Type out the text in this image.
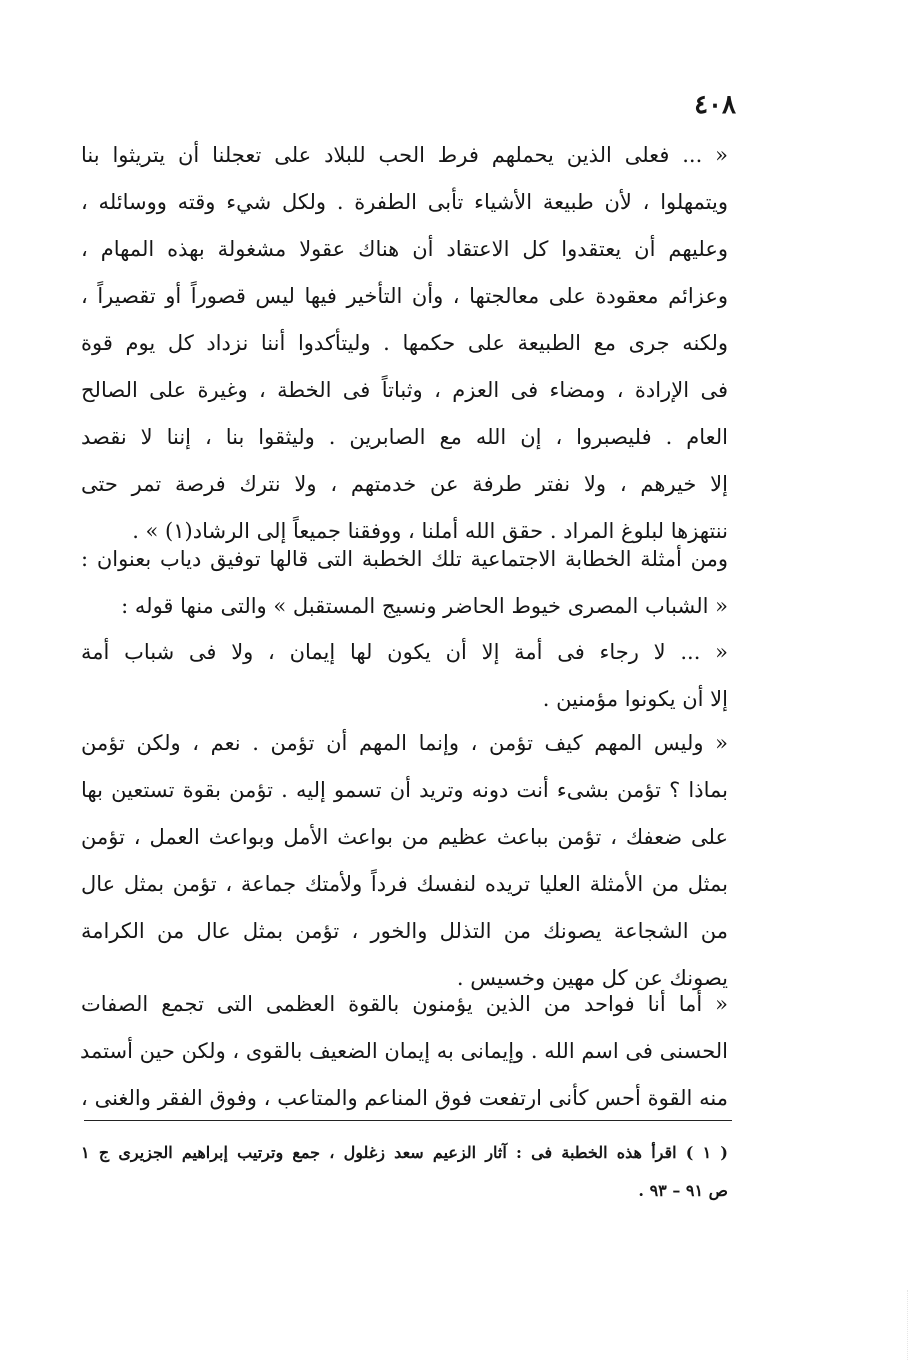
٤٠٨
« ... فعلى الذين يحملهم فرط الحب للبلاد على تعجلنا أن يتريثوا بنا
ويتمهلوا ، لأن طبيعة الأشياء تأبى الطفرة . ولكل شيء وقته ووسائله ،
وعليهم أن يعتقدوا كل الاعتقاد أن هناك عقولا مشغولة بهذه المهام ،
وعزائم معقودة على معالجتها ، وأن التأخير فيها ليس قصوراً أو تقصيراً ،
ولكنه جرى مع الطبيعة على حكمها . وليتأكدوا أننا نزداد كل يوم قوة
فى الإرادة ، ومضاء فى العزم ، وثباتاً فى الخطة ، وغيرة على الصالح
العام . فليصبروا ، إن الله مع الصابرين . وليثقوا بنا ، إننا لا نقصد
إلا خيرهم ، ولا نفتر طرفة عن خدمتهم ، ولا نترك فرصة تمر حتى
ننتهزها لبلوغ المراد . حقق الله أملنا ، ووفقنا جميعاً إلى الرشاد(١) » .
ومن أمثلة الخطابة الاجتماعية تلك الخطبة التى قالها توفيق دياب بعنوان :
« الشباب المصرى خيوط الحاضر ونسيج المستقبل » والتى منها قوله :
« ... لا رجاء فى أمة إلا أن يكون لها إيمان ، ولا فى شباب أمة
إلا أن يكونوا مؤمنين .
« وليس المهم كيف تؤمن ، وإنما المهم أن تؤمن . نعم ، ولكن تؤمن
بماذا ؟ تؤمن بشىء أنت دونه وتريد أن تسمو إليه . تؤمن بقوة تستعين بها
على ضعفك ، تؤمن بباعث عظيم من بواعث الأمل وبواعث العمل ، تؤمن
بمثل من الأمثلة العليا تريده لنفسك فرداً ولأمتك جماعة ، تؤمن بمثل عال
من الشجاعة يصونك من التذلل والخور ، تؤمن بمثل عال من الكرامة
يصونك عن كل مهين وخسيس .
« أما أنا فواحد من الذين يؤمنون بالقوة العظمى التى تجمع الصفات
الحسنى فى اسم الله . وإيمانى به إيمان الضعيف بالقوى ، ولكن حين أستمد
منه القوة أحس كأنى ارتفعت فوق المناعم والمتاعب ، وفوق الفقر والغنى ،
( ١ ) اقرأ هذه الخطبة فى : آثار الزعيم سعد زغلول ، جمع وترتيب إبراهيم الجزيرى ج ١
ص ٩١ – ٩٣ .
